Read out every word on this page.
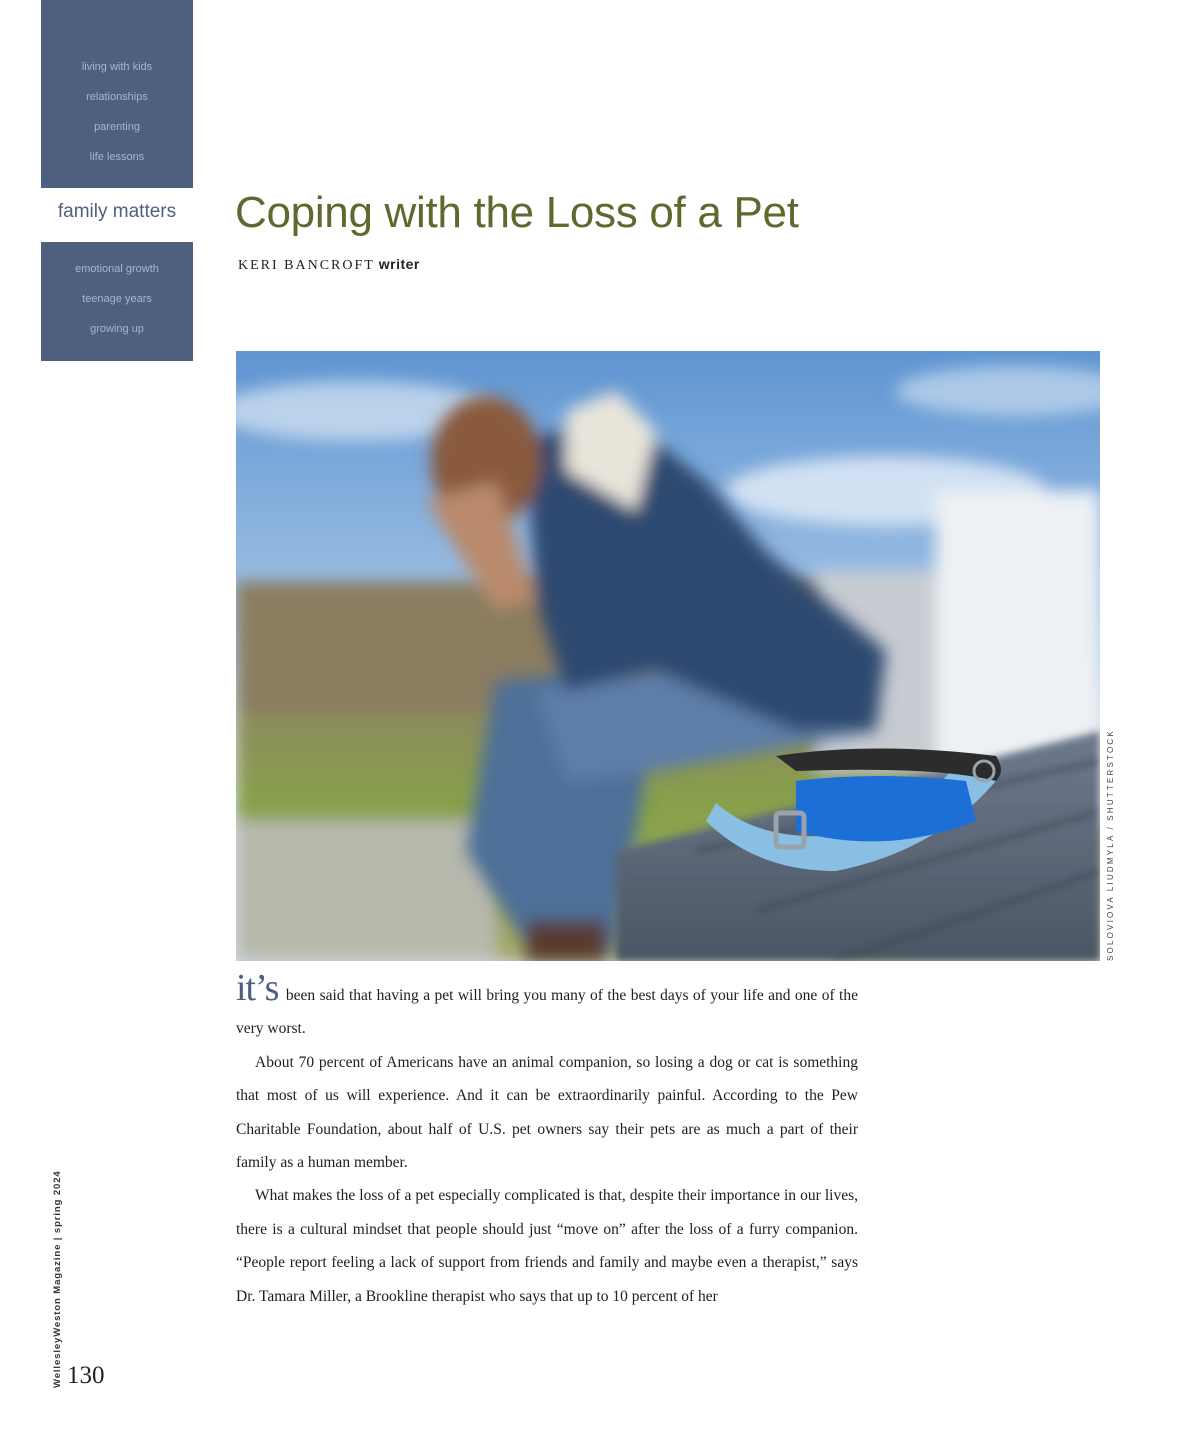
living with kids
relationships
parenting
life lessons
family matters
emotional growth
teenage years
growing up
Coping with the Loss of a Pet
KERI BANCROFT writer
SOLOVIOVA LIUDMYLA / SHUTTERSTOCK

it’s been said that having a pet will bring you many of the best days of your life and one of the very worst.

About 70 percent of Americans have an animal companion, so losing a dog or cat is something that most of us will experience. And it can be extraordinarily painful. According to the Pew Charitable Foundation, about half of U.S. pet owners say their pets are as much a part of their family as a human member.

What makes the loss of a pet especially complicated is that, despite their importance in our lives, there is a cultural mindset that people should just “move on” after the loss of a furry companion. “People report feeling a lack of support from friends and family and maybe even a therapist,” says Dr. Tamara Miller, a Brookline therapist who says that up to 10 percent of her

WellesleyWeston Magazine | spring 2024 130
